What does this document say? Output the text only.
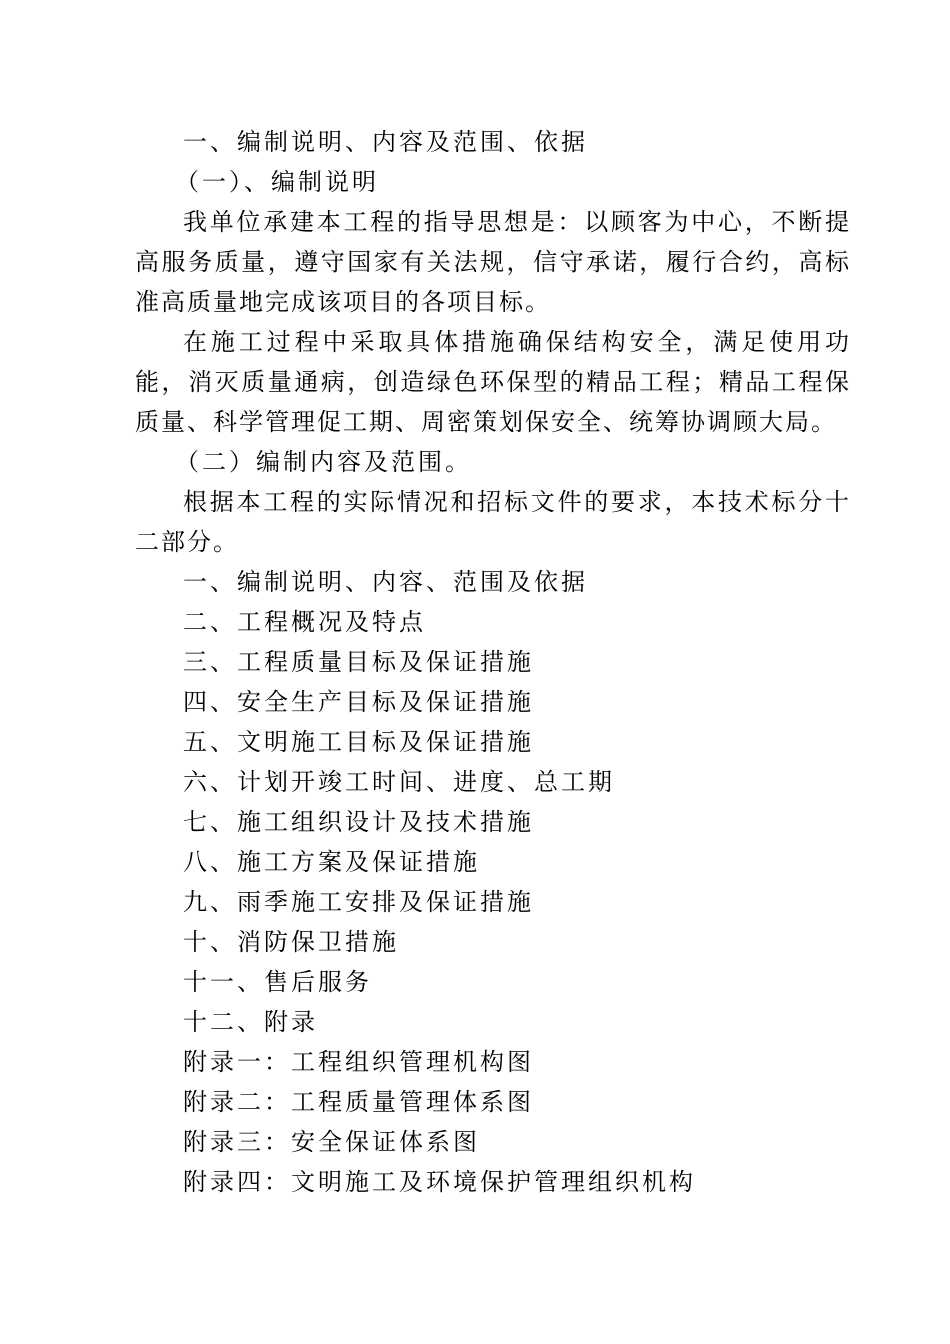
一、编制说明、内容及范围、依据
（一）、编制说明

我单位承建本工程的指导思想是：以顾客为中心，不断提高服务质量，遵守国家有关法规，信守承诺，履行合约，高标准高质量地完成该项目的各项目标。

在施工过程中采取具体措施确保结构安全，满足使用功能，消灭质量通病，创造绿色环保型的精品工程；精品工程保质量、科学管理促工期、周密策划保安全、统筹协调顾大局。

（二）编制内容及范围。

根据本工程的实际情况和招标文件的要求，本技术标分十二部分。

一、编制说明、内容、范围及依据
二、工程概况及特点
三、工程质量目标及保证措施
四、安全生产目标及保证措施
五、文明施工目标及保证措施
六、计划开竣工时间、进度、总工期
七、施工组织设计及技术措施
八、施工方案及保证措施
九、雨季施工安排及保证措施
十、消防保卫措施
十一、售后服务
十二、附录
附录一：工程组织管理机构图
附录二：工程质量管理体系图
附录三：安全保证体系图
附录四：文明施工及环境保护管理组织机构
